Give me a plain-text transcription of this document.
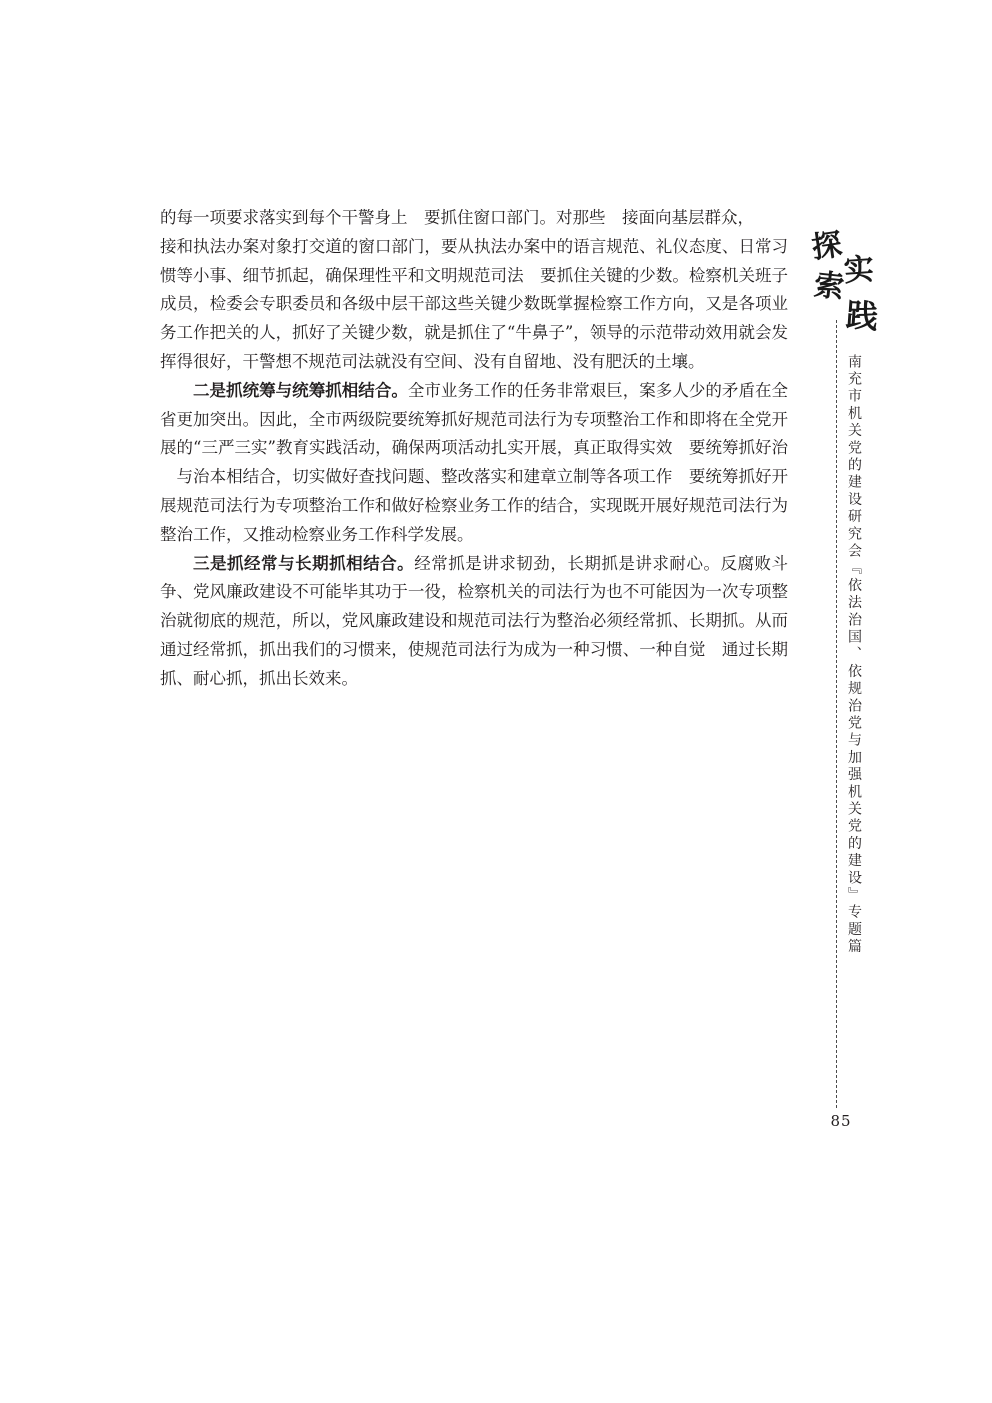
的每一项要求落实到每个干警身上 要抓住窗口部门。对那些 接面向基层群众，

接和执法办案对象打交道的窗口部门，要从执法办案中的语言规范、礼仪态度、日常习惯等小事、细节抓起，确保理性平和文明规范司法 要抓住关键的少数。检察机关班子成员，检委会专职委员和各级中层干部这些关键少数既掌握检察工作方向，又是各项业务工作把关的人，抓好了关键少数，就是抓住了“牛鼻子”，领导的示范带动效用就会发挥得很好，干警想不规范司法就没有空间、没有自留地、没有肥沃的土壤。

二是抓统筹与统筹抓相结合。全市业务工作的任务非常艰巨，案多人少的矛盾在全省更加突出。因此，全市两级院要统筹抓好规范司法行为专项整治工作和即将在全党开展的“三严三实”教育实践活动，确保两项活动扎实开展，真正取得实效 要统筹抓好治与治本相结合，切实做好查找问题、整改落实和建章立制等各项工作 要统筹抓好开展规范司法行为专项整治工作和做好检察业务工作的结合，实现既开展好规范司法行为整治工作，又推动检察业务工作科学发展。

三是抓经常与长期抓相结合。经常抓是讲求韧劲，长期抓是讲求耐心。反腐败斗争、党风廉政建设不可能毕其功于一役，检察机关的司法行为也不可能因为一次专项整治就彻底的规范，所以，党风廉政建设和规范司法行为整治必须经常抓、长期抓。从而通过经常抓，抓出我们的习惯来，使规范司法行为成为一种习惯、一种自觉 通过长期抓、耐心抓，抓出长效来。

探
索
实
践
南充市机关党的建设研究会『依法治国、依规治党与加强机关党的建设』专题篇
85
